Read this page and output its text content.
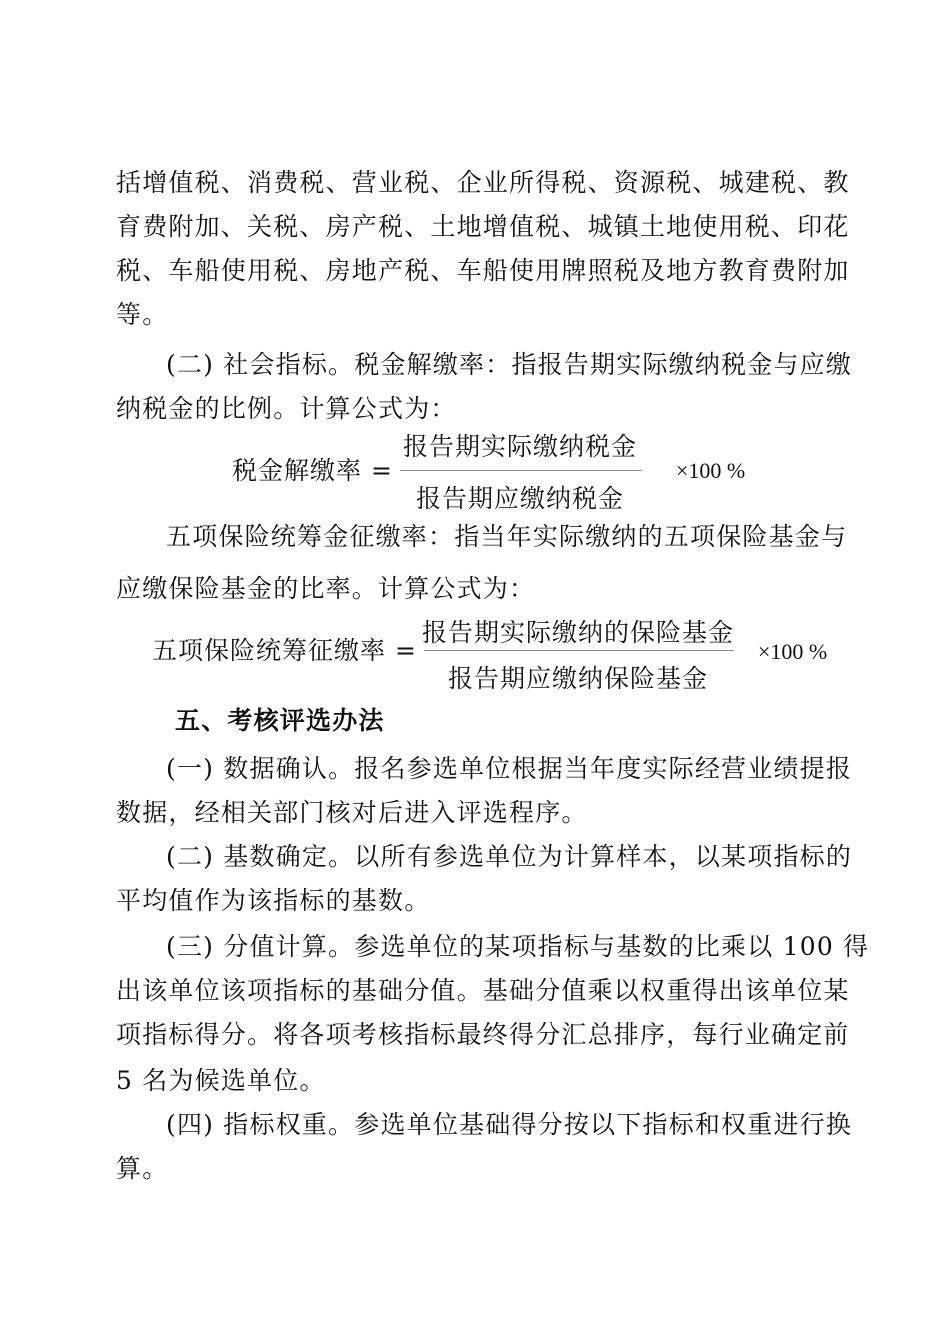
括增值税、消费税、营业税、企业所得税、资源税、城建税、教
育费附加、关税、房产税、土地增值税、城镇土地使用税、印花
税、车船使用税、房地产税、车船使用牌照税及地方教育费附加
等。
(二) 社会指标。税金解缴率：指报告期实际缴纳税金与应缴
纳税金的比例。计算公式为：
税金解缴率 =
报告期实际缴纳税金
报告期应缴纳税金
×100 %
五项保险统筹金征缴率：指当年实际缴纳的五项保险基金与
应缴保险基金的比率。计算公式为：
五项保险统筹征缴率 =
报告期实际缴纳的保险基金
报告期应缴纳保险基金
×100 %
五、考核评选办法
(一) 数据确认。报名参选单位根据当年度实际经营业绩提报
数据，经相关部门核对后进入评选程序。
(二) 基数确定。以所有参选单位为计算样本，以某项指标的
平均值作为该指标的基数。
(三) 分值计算。参选单位的某项指标与基数的比乘以 100 得
出该单位该项指标的基础分值。基础分值乘以权重得出该单位某
项指标得分。将各项考核指标最终得分汇总排序，每行业确定前
5 名为候选单位。
(四) 指标权重。参选单位基础得分按以下指标和权重进行换
算。
